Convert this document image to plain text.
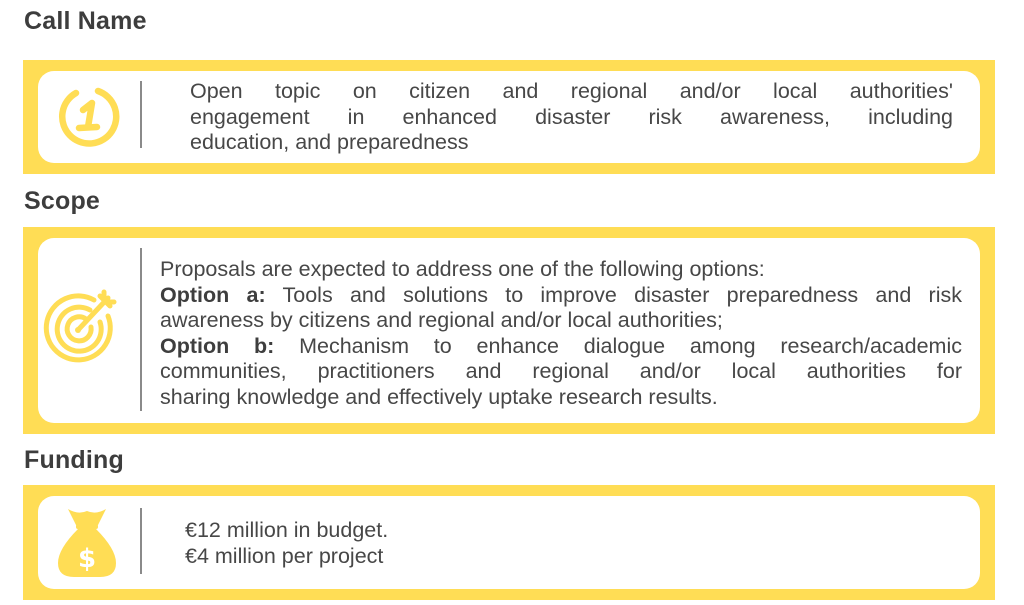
Call Name
Open topic on citizen and regional and/or local authorities'
engagement in enhanced disaster risk awareness, including
education, and preparedness
Scope
Proposals are expected to address one of the following options:
Option a: Tools and solutions to improve disaster preparedness and risk
awareness by citizens and regional and/or local authorities;
Option b: Mechanism to enhance dialogue among research/academic
communities, practitioners and regional and/or local authorities for
sharing knowledge and effectively uptake research results.
Funding
$
€12 million in budget.
€4 million per project
